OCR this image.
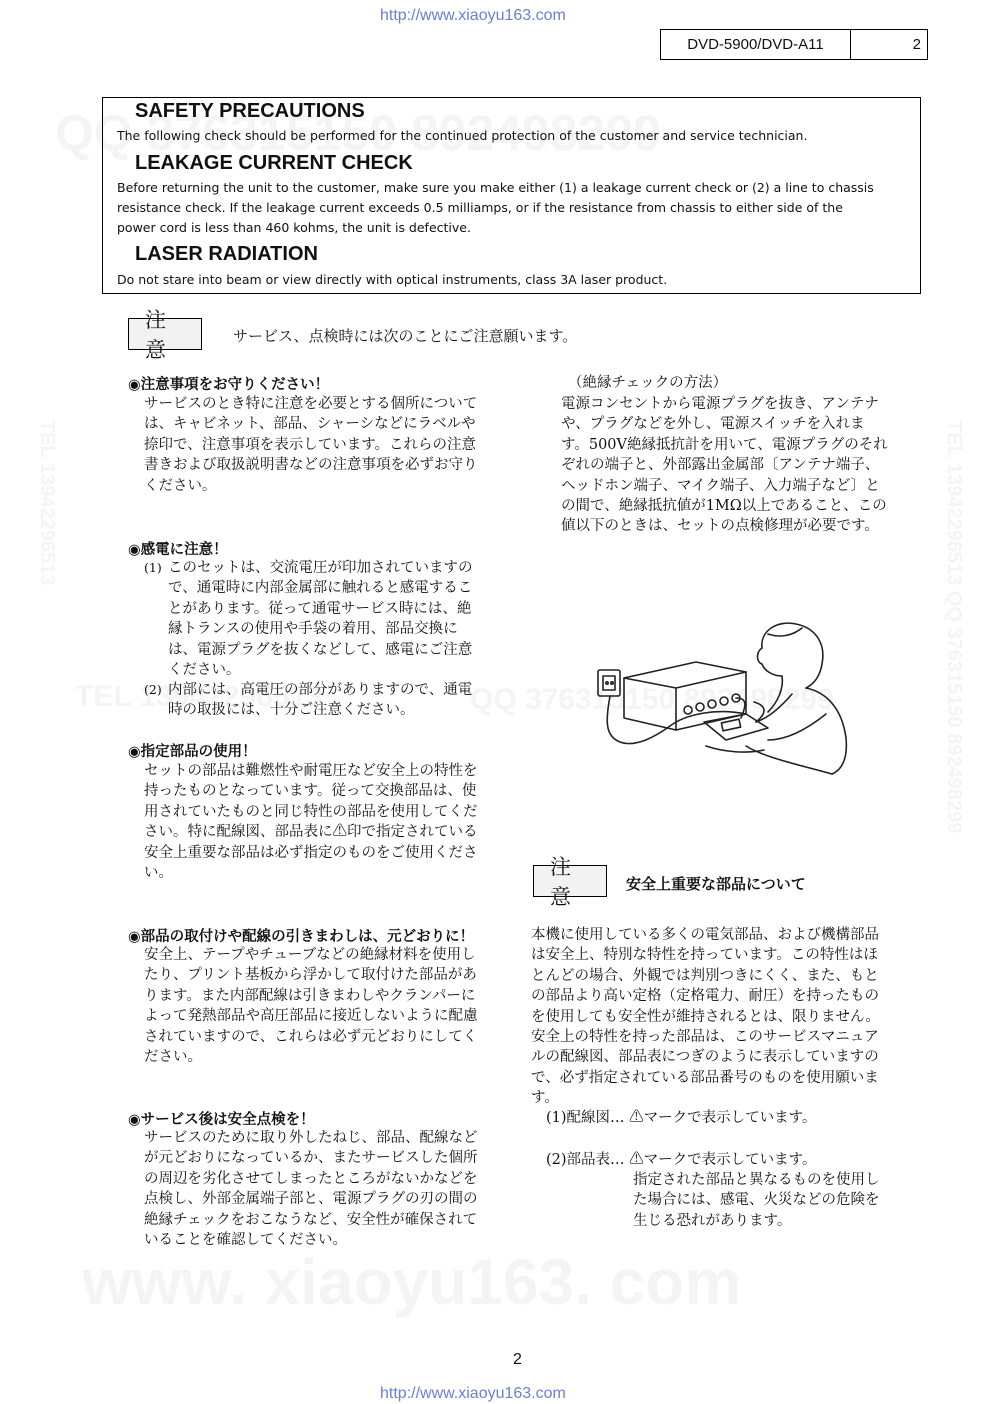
http://www.xiaoyu163.com
DVD-5900/DVD-A11	2
SAFETY PRECAUTIONS
The following check should be performed for the continued protection of the customer and service technician.
LEAKAGE CURRENT CHECK
Before returning the unit to the customer, make sure you make either (1) a leakage current check or (2) a line to chassis
resistance check. If the leakage current exceeds 0.5 milliamps, or if the resistance from chassis to either side of the
power cord is less than 460 kohms, the unit is defective.
LASER RADIATION
Do not stare into beam or view directly with optical instruments, class 3A laser product.
注意
サービス、点検時には次のことにご注意願います。
◉注意事項をお守りください！

サービスのとき特に注意を必要とする個所については、キャビネット、部品、シャーシなどにラベルや

捺印で、注意事項を表示しています。これらの注意

書きおよび取扱説明書などの注意事項を必ずお守り

ください。

◉感電に注意！
(1) このセットは、交流電圧が印加されていますの

で、通電時に内部金属部に触れると感電するこ

とがあります。従って通電サービス時には、絶

縁トランスの使用や手袋の着用、部品交換に

は、電源プラグを抜くなどして、感電にご注意

ください。

(2) 内部には、高電圧の部分がありますので、通電

時の取扱には、十分ご注意ください。

◉指定部品の使用！

セットの部品は難燃性や耐電圧など安全上の特性を

持ったものとなっています。従って交換部品は、使

用されていたものと同じ特性の部品を使用してくだ

さい。特に配線図、部品表に⚠印で指定されている

安全上重要な部品は必ず指定のものをご使用くださ

い。

◉部品の取付けや配線の引きまわしは、元どおりに！

安全上、テープやチューブなどの絶縁材料を使用し

たり、プリント基板から浮かして取付けた部品があ

ります。また内部配線は引きまわしやクランパーに

よって発熱部品や高圧部品に接近しないように配慮

されていますので、これらは必ず元どおりにしてく

ださい。

◉サービス後は安全点検を！

サービスのために取り外したねじ、部品、配線など

が元どおりになっているか、またサービスした個所

の周辺を劣化させてしまったところがないかなどを

点検し、外部金属端子部と、電源プラグの刃の間の

絶縁チェックをおこなうなど、安全性が確保されて

いることを確認してください。

（絶縁チェックの方法）

電源コンセントから電源プラグを抜き、アンテナ

や、プラグなどを外し、電源スイッチを入れま

す。500V絶縁抵抗計を用いて、電源プラグのそれ

ぞれの端子と、外部露出金属部〔アンテナ端子、

ヘッドホン端子、マイク端子、入力端子など〕と

の間で、絶縁抵抗値が1MΩ以上であること、この

値以下のときは、セットの点検修理が必要です。

注意
安全上重要な部品について

本機に使用している多くの電気部品、および機構部品

は安全上、特別な特性を持っています。この特性はほ

とんどの場合、外観では判別つきにくく、また、もと

の部品より高い定格（定格電力、耐圧）を持ったもの

を使用しても安全性が維持されるとは、限りません。

安全上の特性を持った部品は、このサービスマニュア

ルの配線図、部品表につぎのように表示していますの

で、必ず指定されている部品番号のものを使用願いま

す。

(1)配線図… ⚠マークで表示しています。
(2)部品表… ⚠マークで表示しています。

指定された部品と異なるものを使用し

た場合には、感電、火災などの危険を

生じる恐れがあります。

2
http://www.xiaoyu163.com
